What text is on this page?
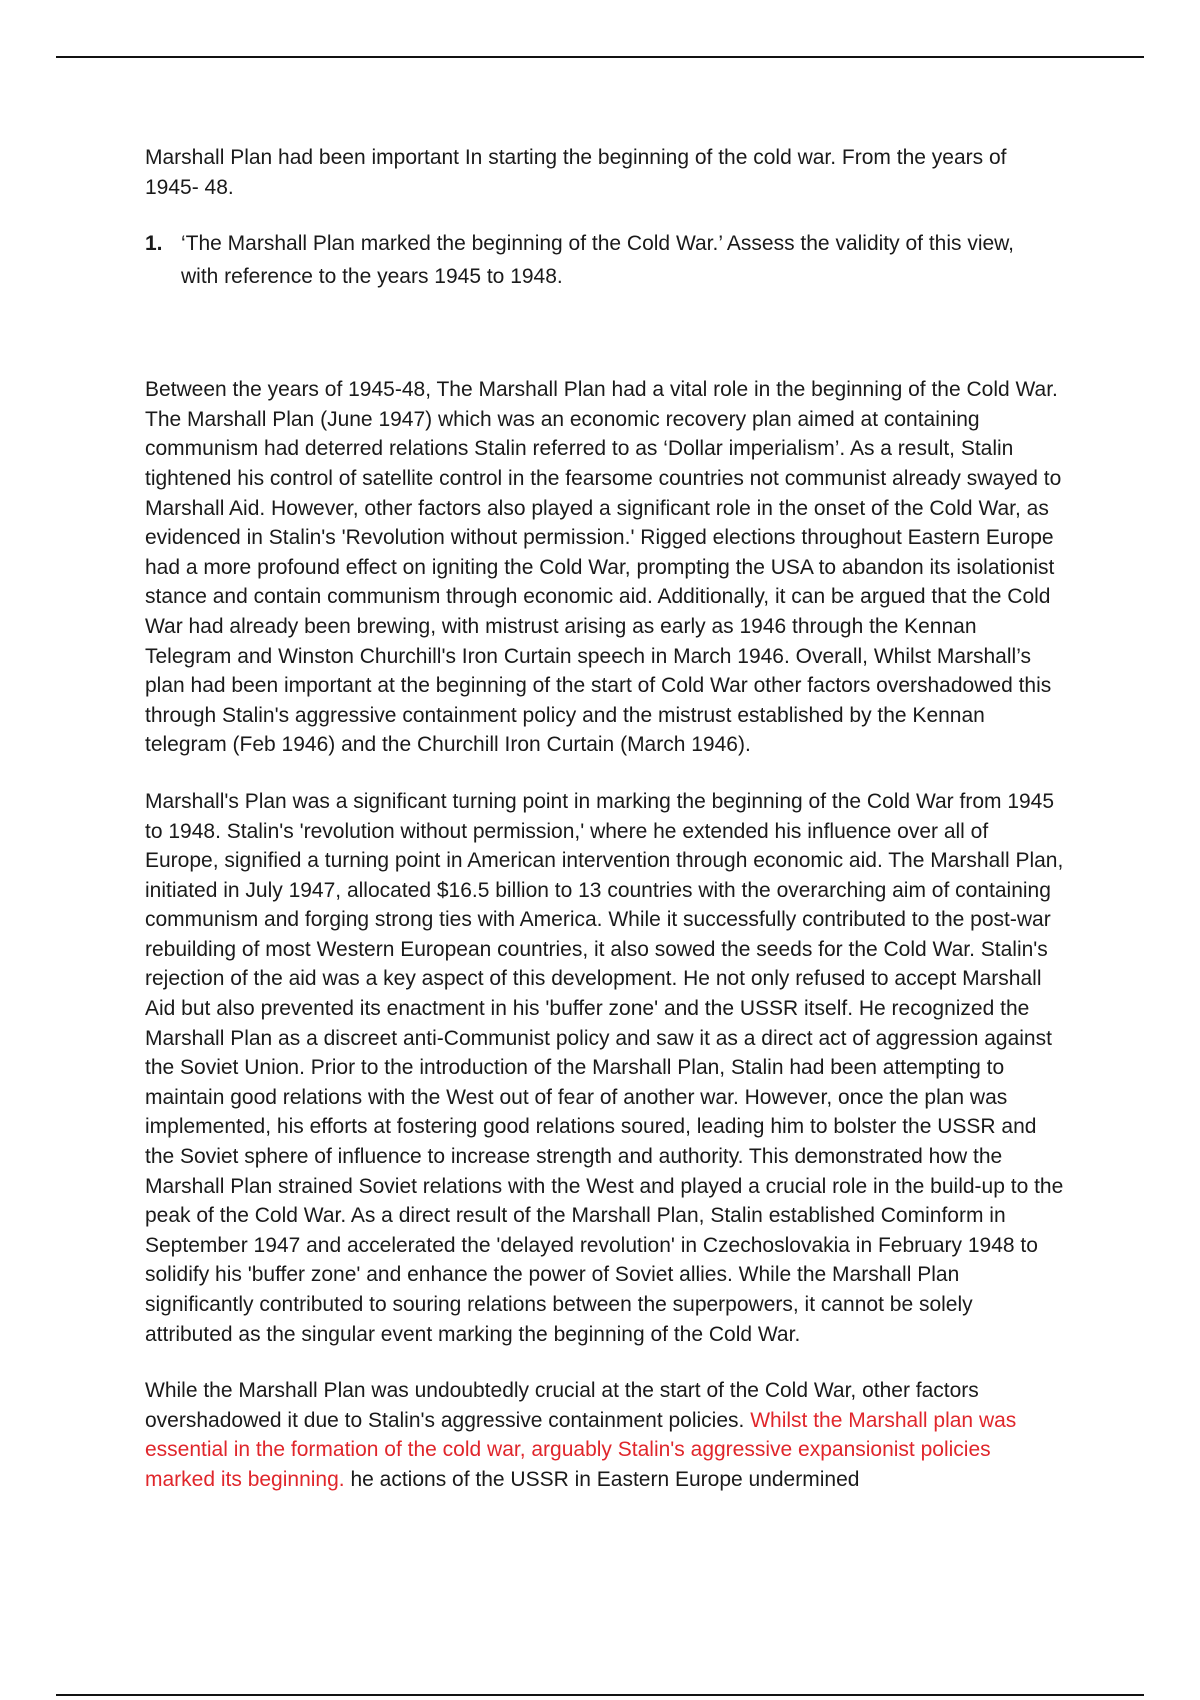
Marshall Plan had been important In starting the beginning of the cold war. From the years of 1945- 48.

1. ‘The Marshall Plan marked the beginning of the Cold War.’ Assess the validity of this view, with reference to the years 1945 to 1948.

Between the years of 1945-48, The Marshall Plan had a vital role in the beginning of the Cold War. The Marshall Plan (June 1947) which was an economic recovery plan aimed at containing communism had deterred relations Stalin referred to as ‘Dollar imperialism’. As a result, Stalin tightened his control of satellite control in the fearsome countries not communist already swayed to Marshall Aid. However, other factors also played a significant role in the onset of the Cold War, as evidenced in Stalin's 'Revolution without permission.' Rigged elections throughout Eastern Europe had a more profound effect on igniting the Cold War, prompting the USA to abandon its isolationist stance and contain communism through economic aid. Additionally, it can be argued that the Cold War had already been brewing, with mistrust arising as early as 1946 through the Kennan Telegram and Winston Churchill's Iron Curtain speech in March 1946. Overall, Whilst Marshall’s plan had been important at the beginning of the start of Cold War other factors overshadowed this through Stalin's aggressive containment policy and the mistrust established by the Kennan telegram (Feb 1946) and the Churchill Iron Curtain (March 1946).

Marshall's Plan was a significant turning point in marking the beginning of the Cold War from 1945 to 1948. Stalin's 'revolution without permission,' where he extended his influence over all of Europe, signified a turning point in American intervention through economic aid. The Marshall Plan, initiated in July 1947, allocated $16.5 billion to 13 countries with the overarching aim of containing communism and forging strong ties with America. While it successfully contributed to the post-war rebuilding of most Western European countries, it also sowed the seeds for the Cold War. Stalin's rejection of the aid was a key aspect of this development. He not only refused to accept Marshall Aid but also prevented its enactment in his 'buffer zone' and the USSR itself. He recognized the Marshall Plan as a discreet anti-Communist policy and saw it as a direct act of aggression against the Soviet Union. Prior to the introduction of the Marshall Plan, Stalin had been attempting to maintain good relations with the West out of fear of another war. However, once the plan was implemented, his efforts at fostering good relations soured, leading him to bolster the USSR and the Soviet sphere of influence to increase strength and authority. This demonstrated how the Marshall Plan strained Soviet relations with the West and played a crucial role in the build-up to the peak of the Cold War. As a direct result of the Marshall Plan, Stalin established Cominform in September 1947 and accelerated the 'delayed revolution' in Czechoslovakia in February 1948 to solidify his 'buffer zone' and enhance the power of Soviet allies. While the Marshall Plan significantly contributed to souring relations between the superpowers, it cannot be solely attributed as the singular event marking the beginning of the Cold War.

While the Marshall Plan was undoubtedly crucial at the start of the Cold War, other factors overshadowed it due to Stalin's aggressive containment policies. Whilst the Marshall plan was essential in the formation of the cold war, arguably Stalin's aggressive expansionist policies marked its beginning. he actions of the USSR in Eastern Europe undermined
